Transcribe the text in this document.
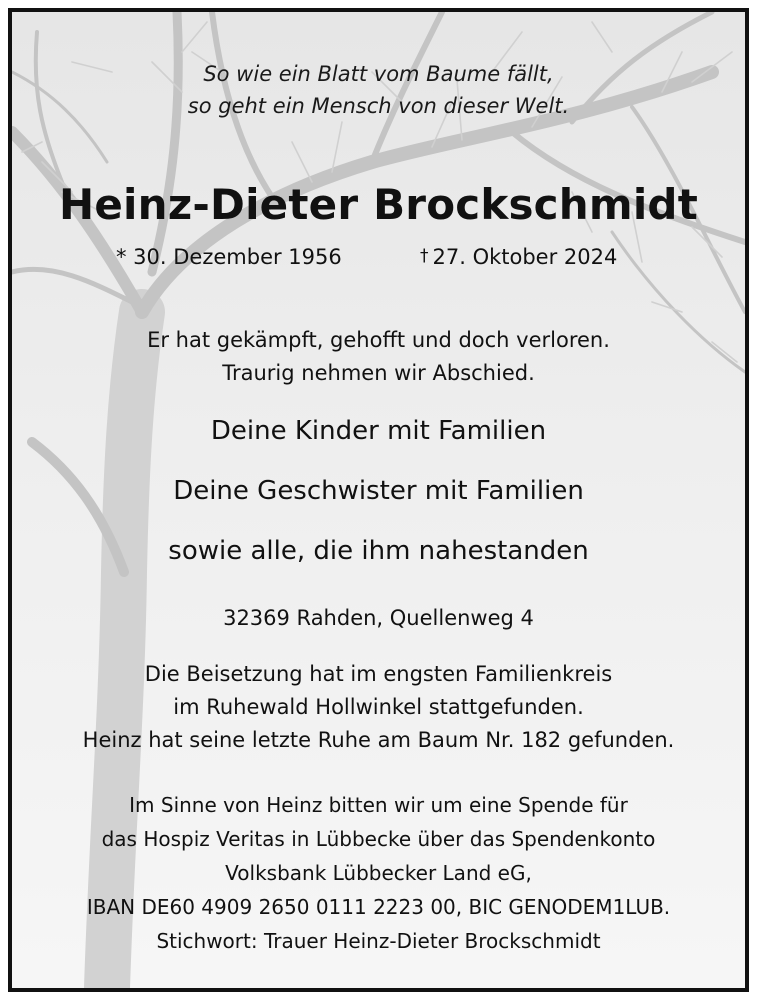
So wie ein Blatt vom Baume fällt,
so geht ein Mensch von dieser Welt.
Heinz-Dieter Brockschmidt
* 30. Dezember 1956	† 27. Oktober 2024
Er hat gekämpft, gehofft und doch verloren.
Traurig nehmen wir Abschied.
Deine Kinder mit Familien
Deine Geschwister mit Familien
sowie alle, die ihm nahestanden
32369 Rahden, Quellenweg 4
Die Beisetzung hat im engsten Familienkreis
im Ruhewald Hollwinkel stattgefunden.
Heinz hat seine letzte Ruhe am Baum Nr. 182 gefunden.
Im Sinne von Heinz bitten wir um eine Spende für
das Hospiz Veritas in Lübbecke über das Spendenkonto
Volksbank Lübbecker Land eG,
IBAN DE60 4909 2650 0111 2223 00, BIC GENODEM1LUB.
Stichwort: Trauer Heinz-Dieter Brockschmidt
